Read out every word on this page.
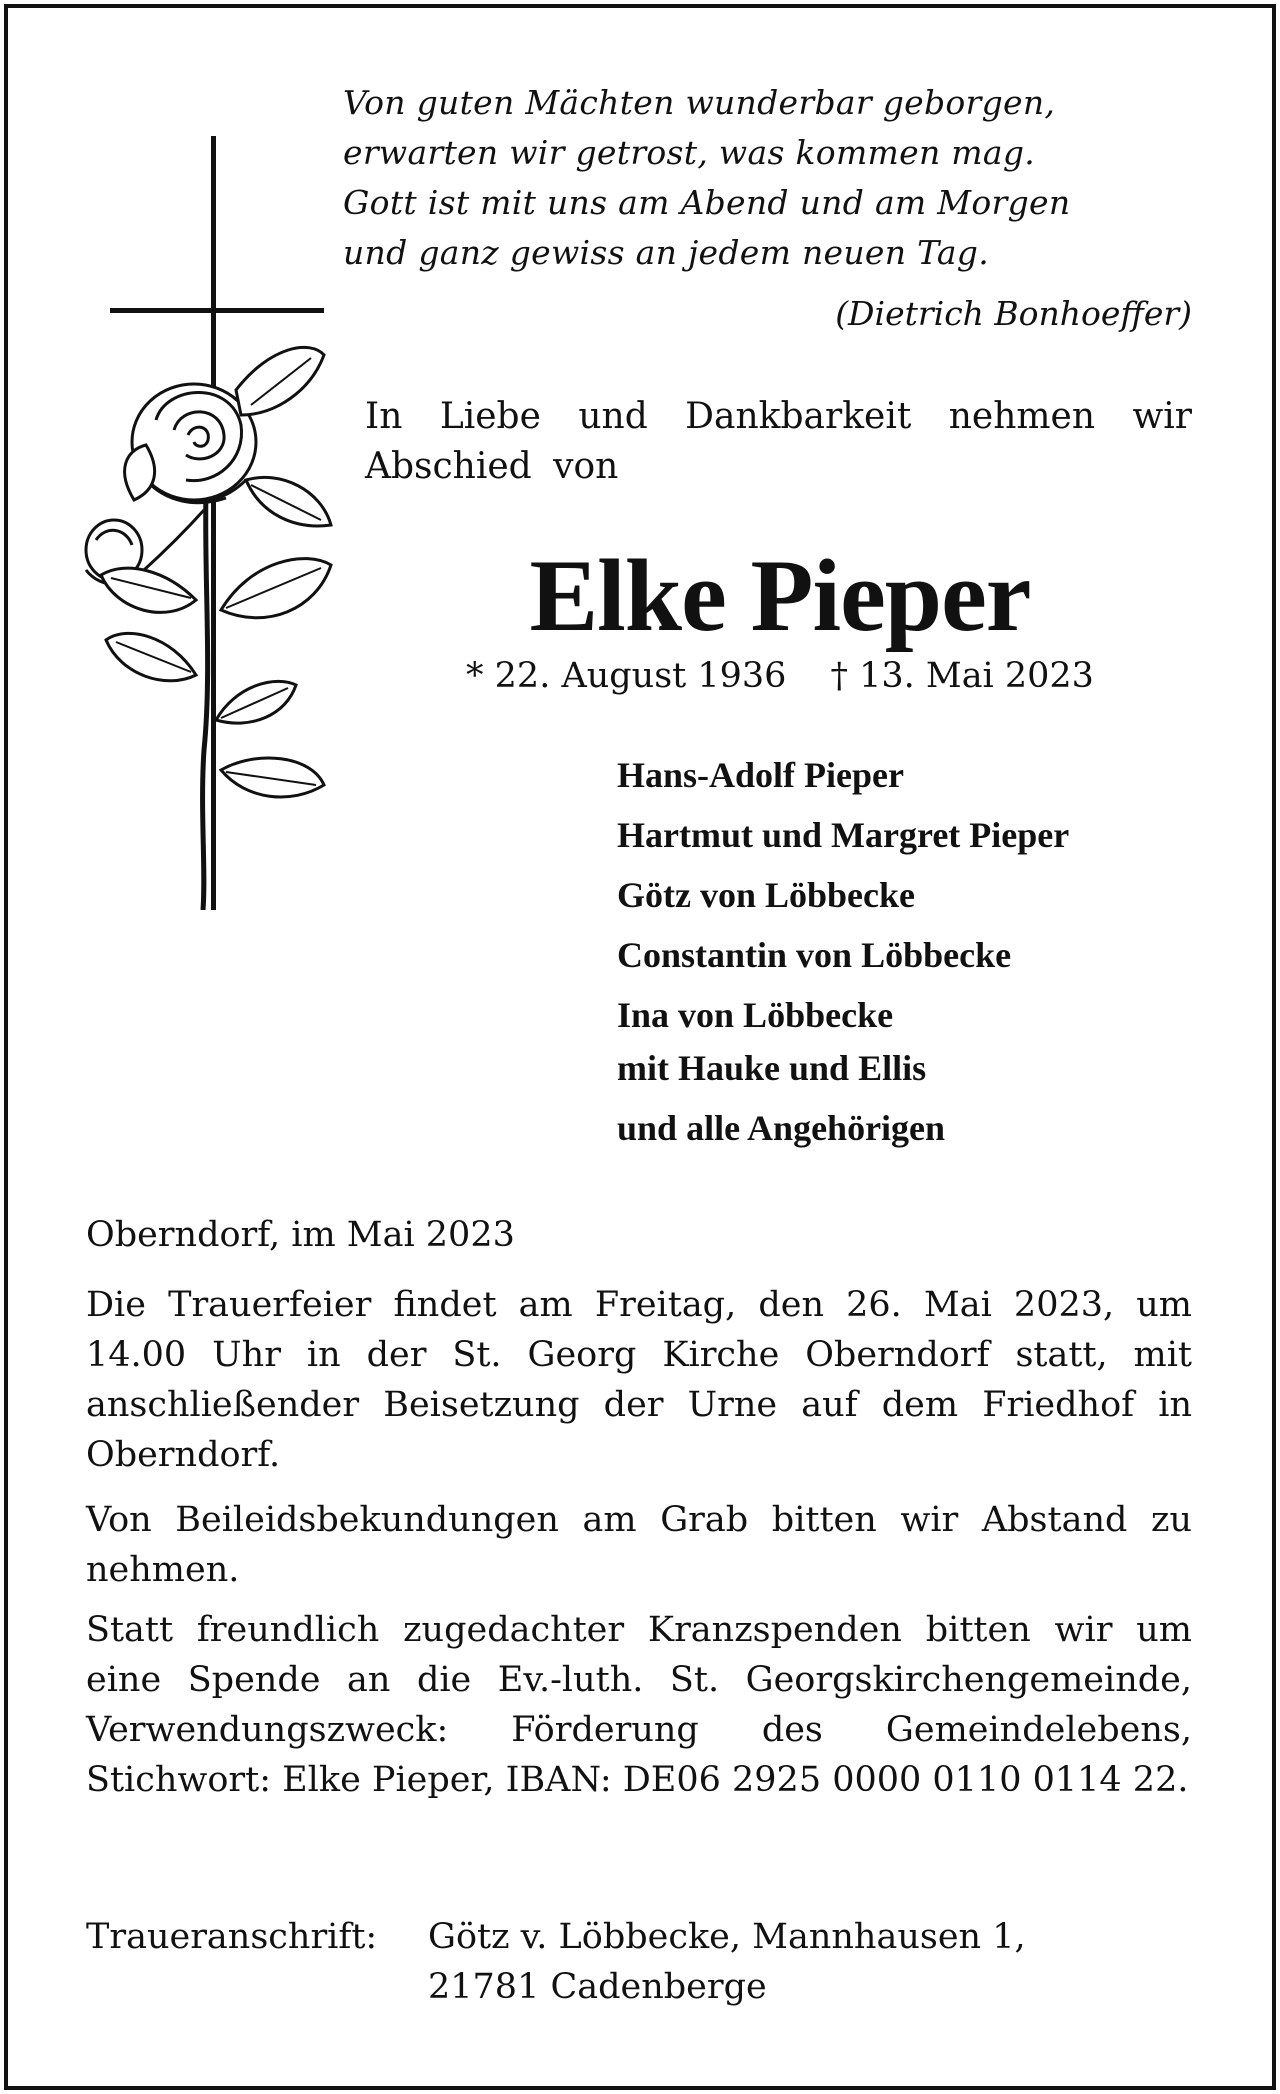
Von guten Mächten wunderbar geborgen,
erwarten wir getrost, was kommen mag.
Gott ist mit uns am Abend und am Morgen
und ganz gewiss an jedem neuen Tag.
(Dietrich Bonhoeffer)
In Liebe und Dankbarkeit nehmen wir Abschied von
Elke Pieper
* 22. August 1936 † 13. Mai 2023
Hans-Adolf Pieper
Hartmut und Margret Pieper
Götz von Löbbecke
Constantin von Löbbecke
Ina von Löbbecke
mit Hauke und Ellis
und alle Angehörigen
Oberndorf, im Mai 2023
Die Trauerfeier findet am Freitag, den 26. Mai 2023, um 14.00 Uhr in der St. Georg Kirche Oberndorf statt, mit anschließender Beisetzung der Urne auf dem Friedhof in Oberndorf.
Von Beileidsbekundungen am Grab bitten wir Abstand zu nehmen.
Statt freundlich zugedachter Kranzspenden bitten wir um eine Spende an die Ev.-luth. St. Georgskirchengemeinde, Verwendungszweck: Förderung des Gemeindelebens, Stichwort: Elke Pieper, IBAN: DE06 2925 0000 0110 0114 22.
Traueranschrift: Götz v. Löbbecke, Mannhausen 1,
21781 Cadenberge
